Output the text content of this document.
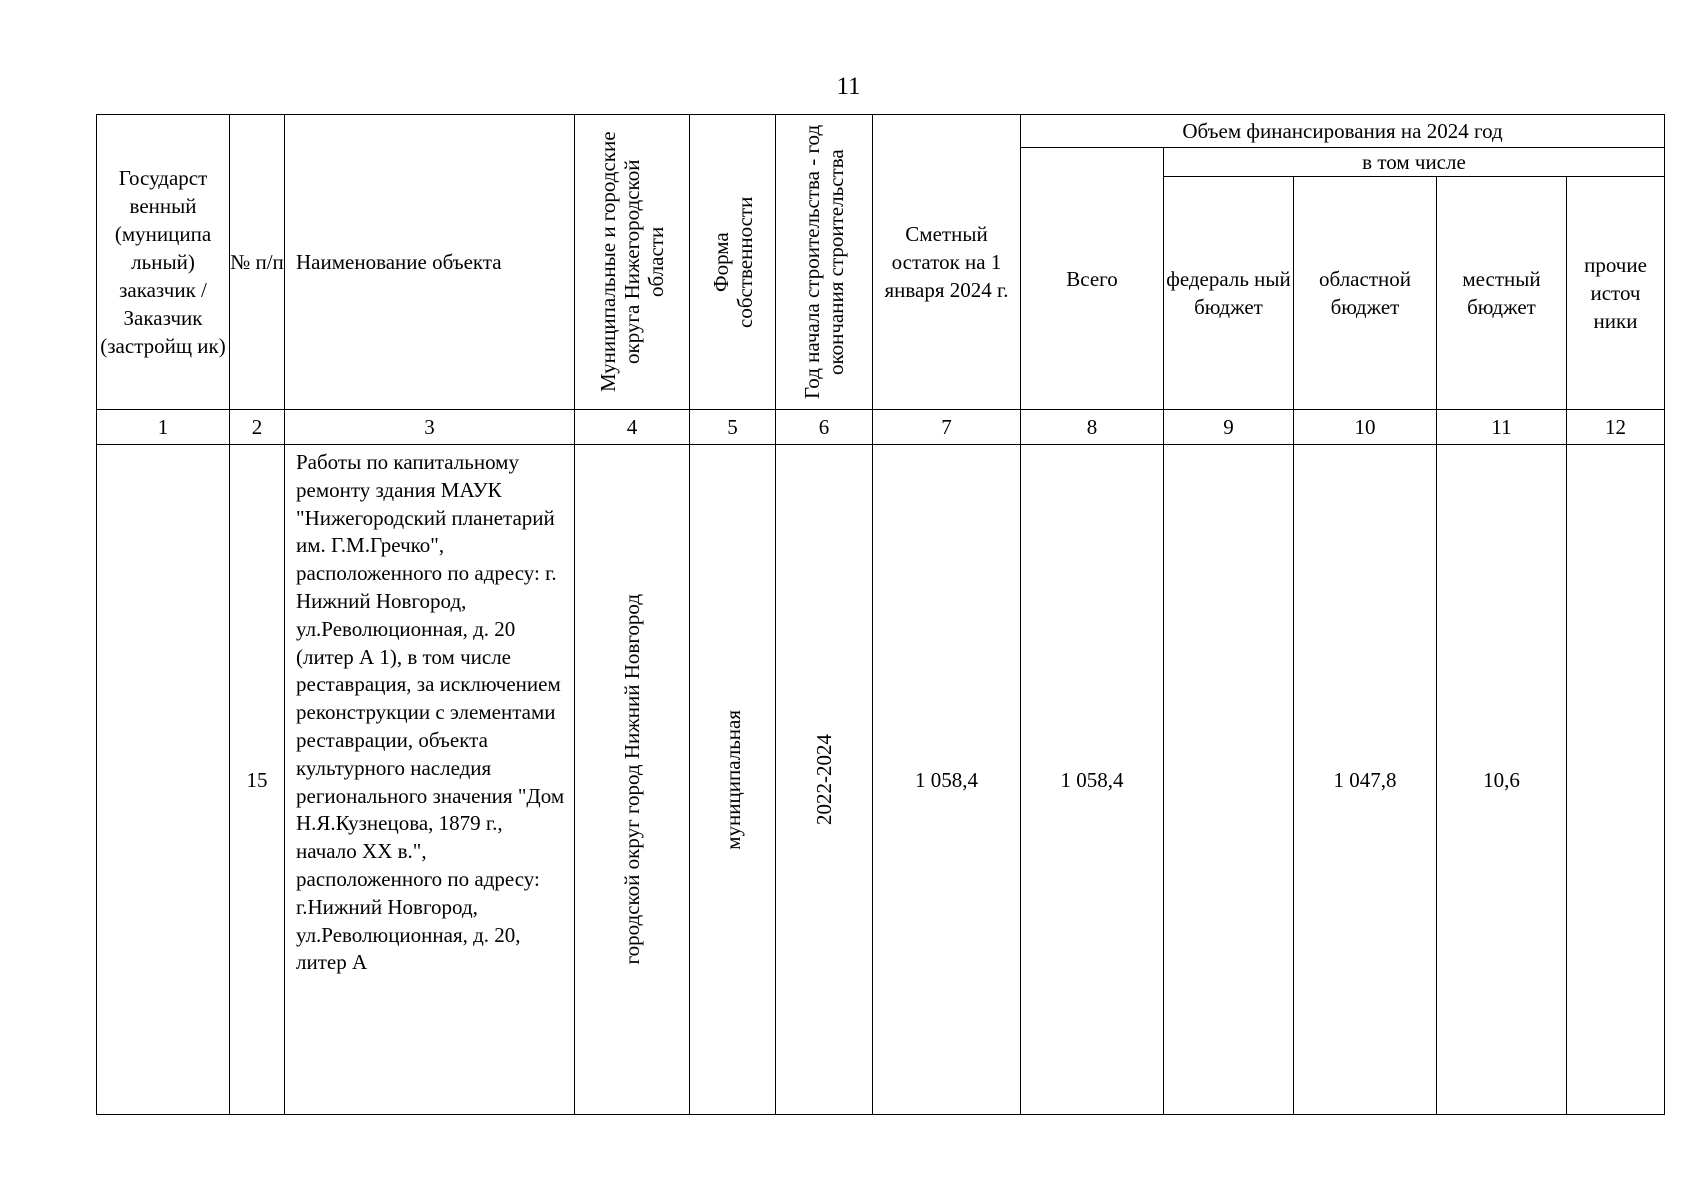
11
Государст венный (муниципа льный) заказчик / Заказчик (застройщ ик)	№ п/п	Наименование объекта	Муниципальные и городские округа Нижегородской области	Форма собственности	Год начала строительства - год окончания строительства	Сметный остаток на 1 января 2024 г.	Объем финансирования на 2024 год				
							Всего	в том числе			
								федераль ный бюджет	областной бюджет	местный бюджет	прочие источ ники
1	2	3	4	5	6	7	8	9	10	11	12
	15	Работы по капитальному ремонту здания МАУК "Нижегородский планетарий им. Г.М.Гречко", расположенного по адресу: г. Нижний Новгород, ул.Революционная, д. 20 (литер А 1), в том числе реставрация, за исключением реконструкции с элементами реставрации, объекта культурного наследия регионального значения "Дом Н.Я.Кузнецова, 1879 г., начало XX в.", расположенного по адресу: г.Нижний Новгород, ул.Революционная, д. 20, литер А	городской округ город Нижний Новгород	муниципальная	2022-2024	1 058,4	1 058,4		1 047,8	10,6	
